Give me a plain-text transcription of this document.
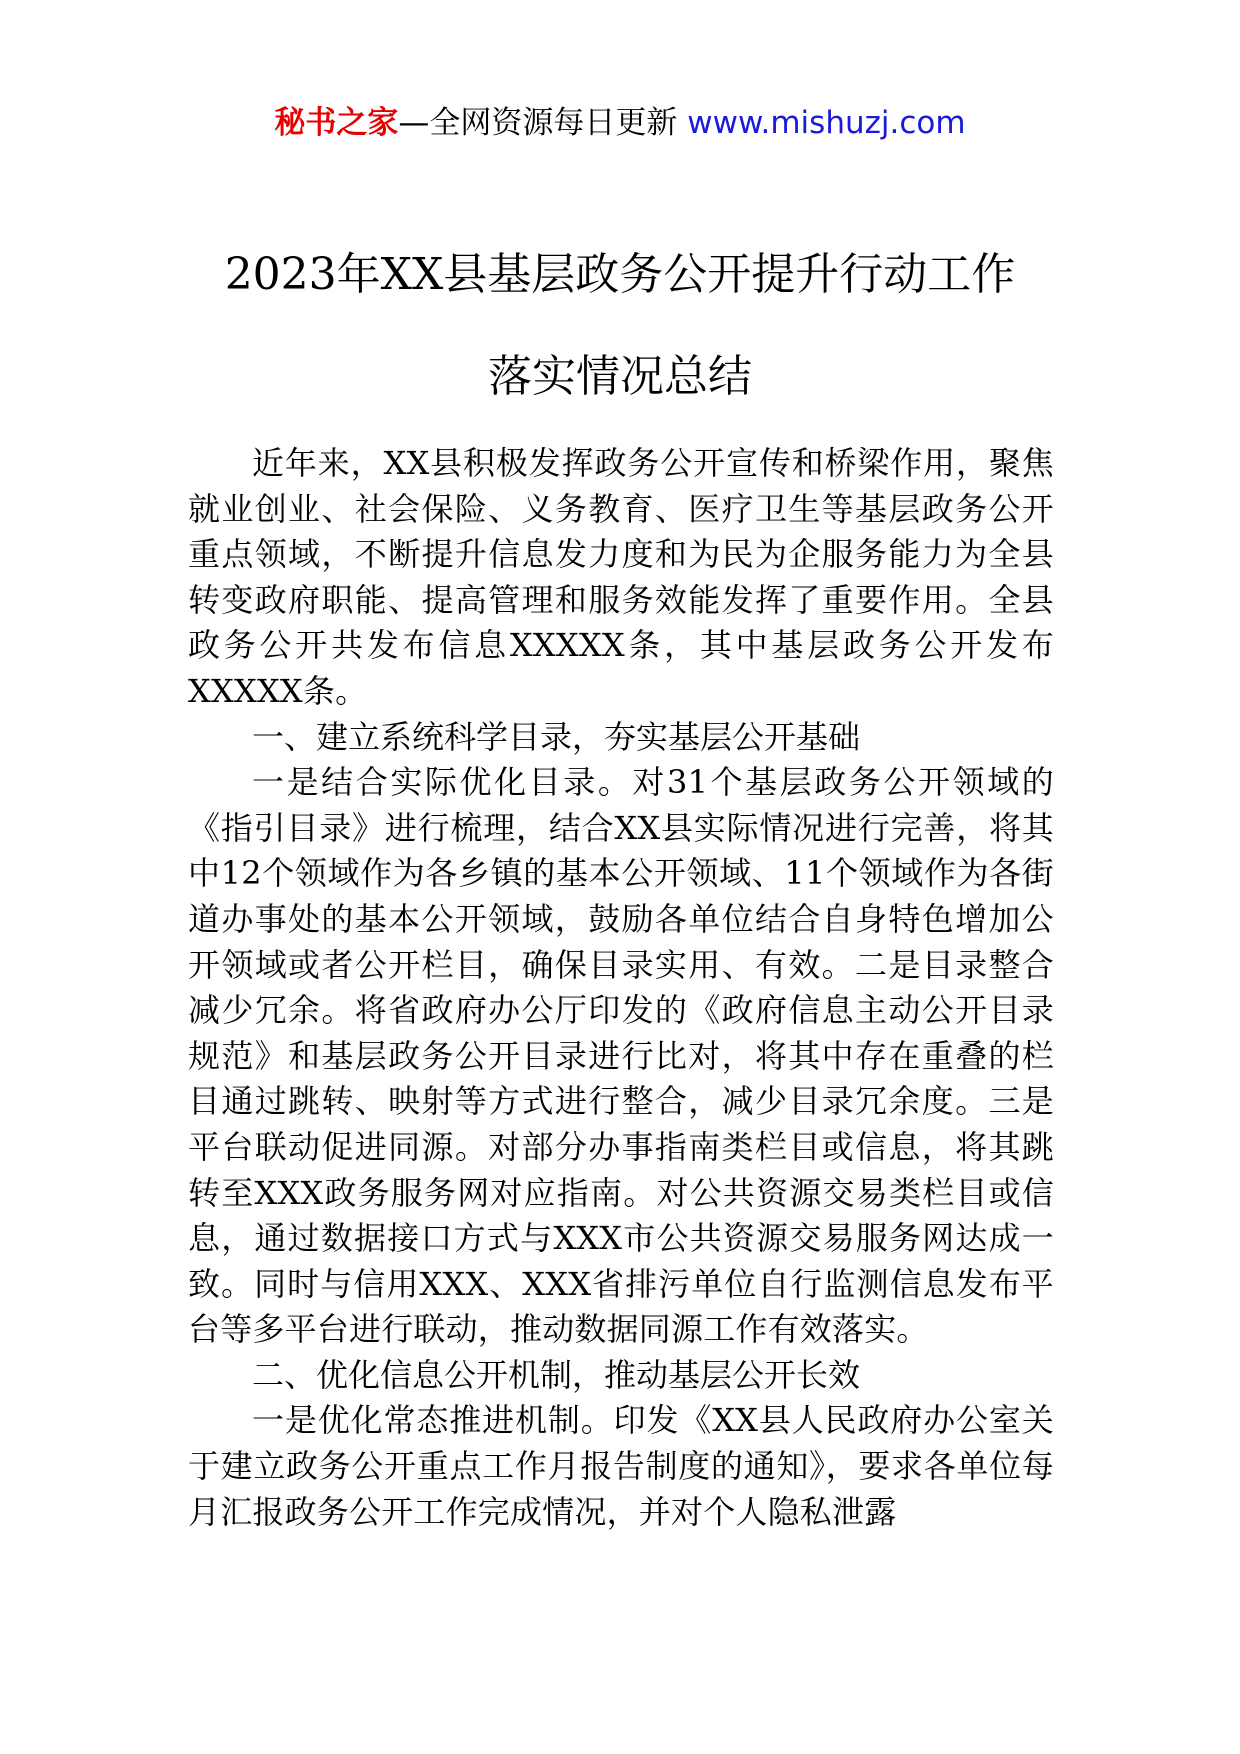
秘书之家—全网资源每日更新 www.mishuzj.com
2023年XX县基层政务公开提升行动工作
落实情况总结

近年来，XX县积极发挥政务公开宣传和桥梁作用，聚焦就业创业、社会保险、义务教育、医疗卫生等基层政务公开重点领域，不断提升信息发力度和为民为企服务能力为全县转变政府职能、提高管理和服务效能发挥了重要作用。全县政务公开共发布信息XXXXX条，其中基层政务公开发布XXXXX条。

一、建立系统科学目录，夯实基层公开基础

一是结合实际优化目录。对31个基层政务公开领域的《指引目录》进行梳理，结合XX县实际情况进行完善，将其中12个领域作为各乡镇的基本公开领域、11个领域作为各街道办事处的基本公开领域，鼓励各单位结合自身特色增加公开领域或者公开栏目，确保目录实用、有效。二是目录整合减少冗余。将省政府办公厅印发的《政府信息主动公开目录规范》和基层政务公开目录进行比对，将其中存在重叠的栏目通过跳转、映射等方式进行整合，减少目录冗余度。三是平台联动促进同源。对部分办事指南类栏目或信息，将其跳转至XXX政务服务网对应指南。对公共资源交易类栏目或信息，通过数据接口方式与XXX市公共资源交易服务网达成一致。同时与信用XXX、XXX省排污单位自行监测信息发布平台等多平台进行联动，推动数据同源工作有效落实。

二、优化信息公开机制，推动基层公开长效

一是优化常态推进机制。印发《XX县人民政府办公室关于建立政务公开重点工作月报告制度的通知》，要求各单位每月汇报政务公开工作完成情况，并对个人隐私泄露
